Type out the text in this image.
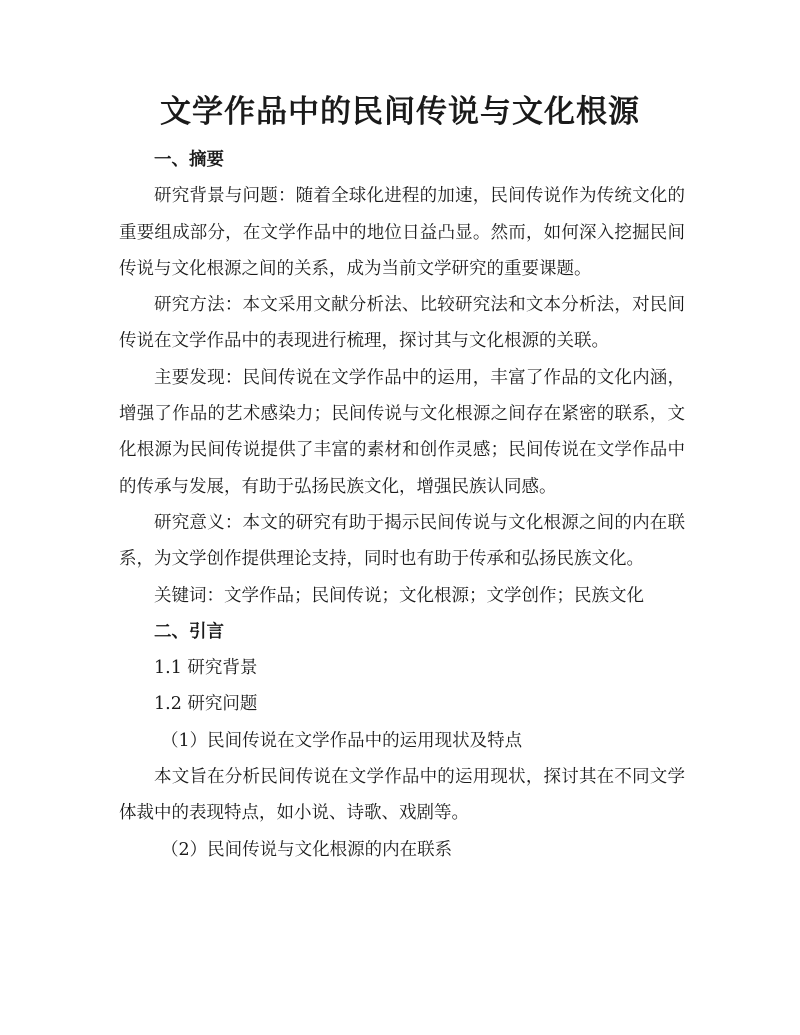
文学作品中的民间传说与文化根源

一、摘要

研究背景与问题：随着全球化进程的加速，民间传说作为传统文化的重要组成部分，在文学作品中的地位日益凸显。然而，如何深入挖掘民间传说与文化根源之间的关系，成为当前文学研究的重要课题。

研究方法：本文采用文献分析法、比较研究法和文本分析法，对民间传说在文学作品中的表现进行梳理，探讨其与文化根源的关联。

主要发现：民间传说在文学作品中的运用，丰富了作品的文化内涵，增强了作品的艺术感染力；民间传说与文化根源之间存在紧密的联系，文化根源为民间传说提供了丰富的素材和创作灵感；民间传说在文学作品中的传承与发展，有助于弘扬民族文化，增强民族认同感。

研究意义：本文的研究有助于揭示民间传说与文化根源之间的内在联系，为文学创作提供理论支持，同时也有助于传承和弘扬民族文化。

关键词：文学作品；民间传说；文化根源；文学创作；民族文化

二、引言

1.1 研究背景

1.2 研究问题

（1）民间传说在文学作品中的运用现状及特点

本文旨在分析民间传说在文学作品中的运用现状，探讨其在不同文学体裁中的表现特点，如小说、诗歌、戏剧等。

（2）民间传说与文化根源的内在联系
